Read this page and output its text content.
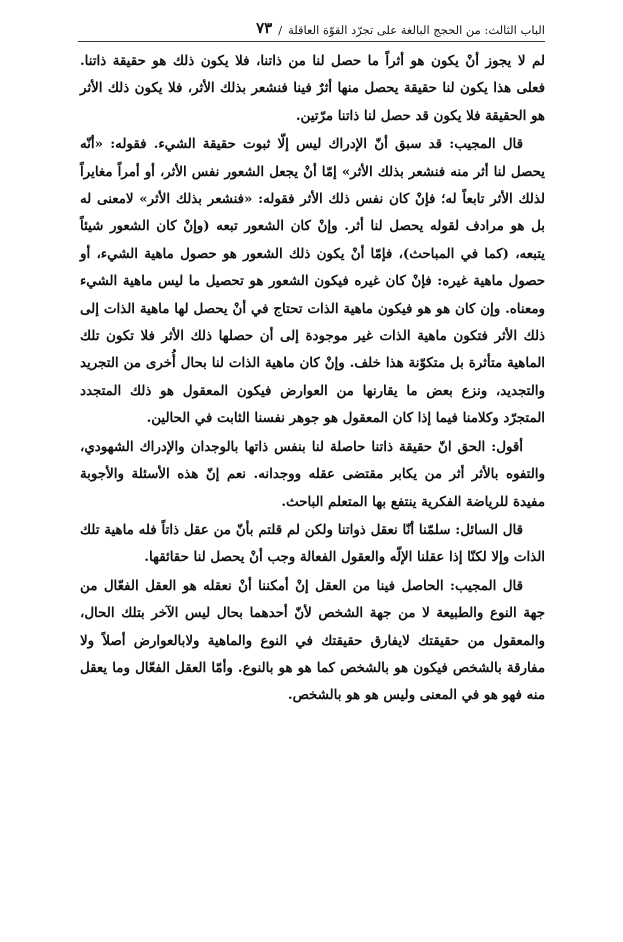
الباب الثالث: من الحجج البالغة على تجرّد القوّة العاقلة
/
٧٣

لم لا يجوز أنْ يكون هو أثراً ما حصل لنا من ذاتنا، فلا يكون ذلك هو حقيقة ذاتنا. فعلى هذا يكون لنا حقيقة يحصل منها أثرٌ فينا فنشعر بذلك الأثر، فلا يكون ذلك الأثر هو الحقيقة فلا يكون قد حصل لنا ذاتنا مرّتين.

قال المجيب: قد سبق أنّ الإدراك ليس إلّا ثبوت حقيقة الشيء. فقوله: «أنّه يحصل لنا أثر منه فنشعر بذلك الأثر» إمّا أنْ يجعل الشعور نفس الأثر، أو أمراً مغايراً لذلك الأثر تابعاً له؛ فإنْ كان نفس ذلك الأثر فقوله: «فنشعر بذلك الأثر» لامعنى له بل هو مرادف لقوله يحصل لنا أثر. وإنْ كان الشعور تبعه (وإنْ كان الشعور شيئاً يتبعه، (كما في المباحث)، فإمّا أنْ يكون ذلك الشعور هو حصول ماهية الشيء، أو حصول ماهية غيره: فإنْ كان غيره فيكون الشعور هو تحصيل ما ليس ماهية الشيء ومعناه. وإن كان هو هو فيكون ماهية الذات تحتاج في أنْ يحصل لها ماهية الذات إلى ذلك الأثر فتكون ماهية الذات غير موجودة إلى أن حصلها ذلك الأثر فلا تكون تلك الماهية متأثرة بل متكوّنة هذا خلف. وإنْ كان ماهية الذات لنا بحال أُخرى من التجريد والتجديد، ونزع بعض ما يقارنها من العوارض فيكون المعقول هو ذلك المتجدد المتجرّد وكلامنا فيما إذا كان المعقول هو جوهر نفسنا الثابت في الحالين.

أقول: الحق انّ حقيقة ذاتنا حاصلة لنا بنفس ذاتها بالوجدان والإدراك الشهودي، والتفوه بالأثر أثر من يكابر مقتضى عقله ووجدانه. نعم إنّ هذه الأسئلة والأجوبة مفيدة للرياضة الفكرية ينتفع بها المتعلم الباحث.

قال السائل: سلمّنا أنّا نعقل ذواتنا ولكن لم قلتم بأنّ من عقل ذاتاً فله ماهية تلك الذات وإلا لكنّا إذا عقلنا الإلّه والعقول الفعالة وجب أنْ يحصل لنا حقائقها.

قال المجيب: الحاصل فينا من العقل إنْ أمكننا أنْ نعقله هو العقل الفعّال من جهة النوع والطبيعة لا من جهة الشخص لأنّ أحدهما بحال ليس الآخر بتلك الحال، والمعقول من حقيقتك لايفارق حقيقتك في النوع والماهية ولابالعوارض أصلاً ولا مفارقة بالشخص فيكون هو بالشخص كما هو هو بالنوع. وأمّا العقل الفعّال وما يعقل منه فهو هو في المعنى وليس هو هو بالشخص.
